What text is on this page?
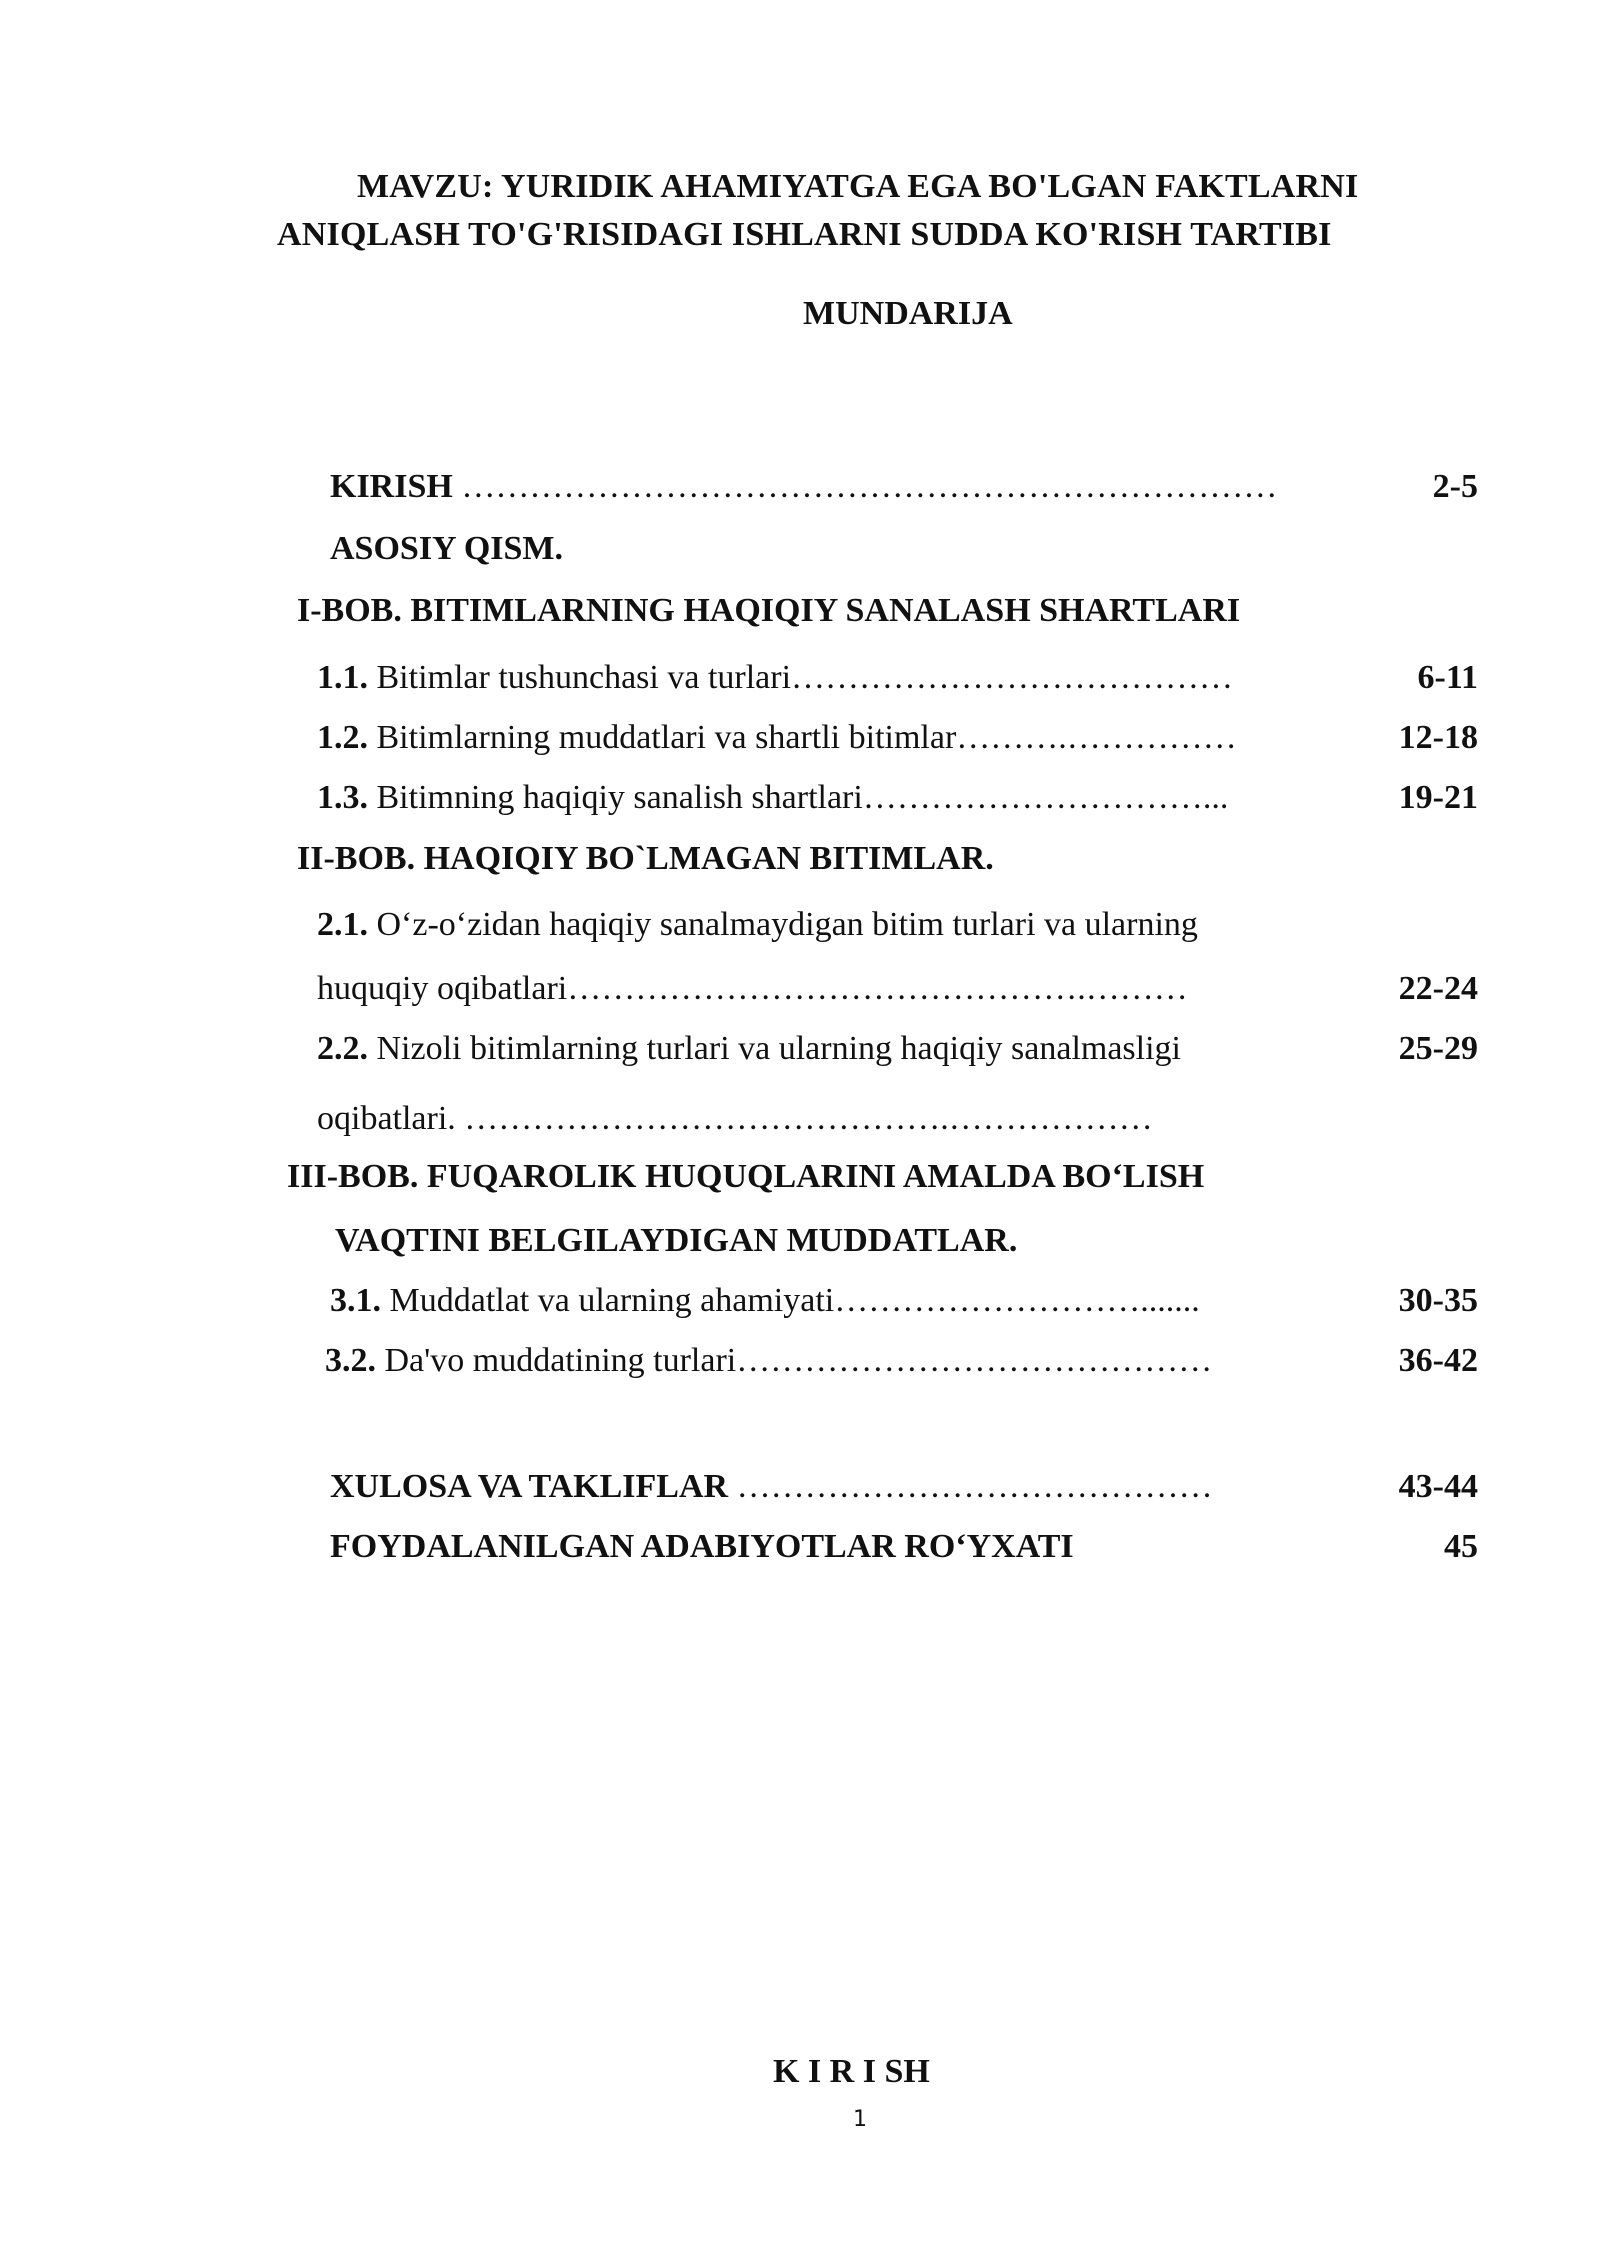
MAVZU: YURIDIK AHAMIYATGA EGA BO'LGAN FAKTLARNI
ANIQLASH TO'G'RISIDAGI ISHLARNI SUDDA KO'RISH TARTIBI
MUNDARIJA
KIRISH ………………………………………………………………	2-5
ASOSIY QISM.
I-BOB. BITIMLARNING HAQIQIY SANALASH SHARTLARI
1.1. Bitimlar tushunchasi va turlari…………………………………	6-11
1.2. Bitimlarning muddatlari va shartli bitimlar……….……………	12-18
1.3. Bitimning haqiqiy sanalish shartlari…………………………...	19-21
II-BOB. HAQIQIY BO`LMAGAN BITIMLAR.
2.1. O‘z-o‘zidan haqiqiy sanalmaydigan bitim turlari va ularning
huquqiy oqibatlari……………………………………….………	22-24
2.2. Nizoli bitimlarning turlari va ularning haqiqiy sanalmasligi	25-29
oqibatlari. …………………………………….………………
III-BOB. FUQAROLIK HUQUQLARINI AMALDA BO‘LISH
VAQTINI BELGILAYDIGAN MUDDATLAR.
3.1. Muddatlat va ularning ahamiyati……………………….......	30-35
3.2. Da'vo muddatining turlari……………………………………	36-42
XULOSA VA TAKLIFLAR ……………………………………	43-44
FOYDALANILGAN ADABIYOTLAR RO‘YXATI	45
K I R I SH
1
